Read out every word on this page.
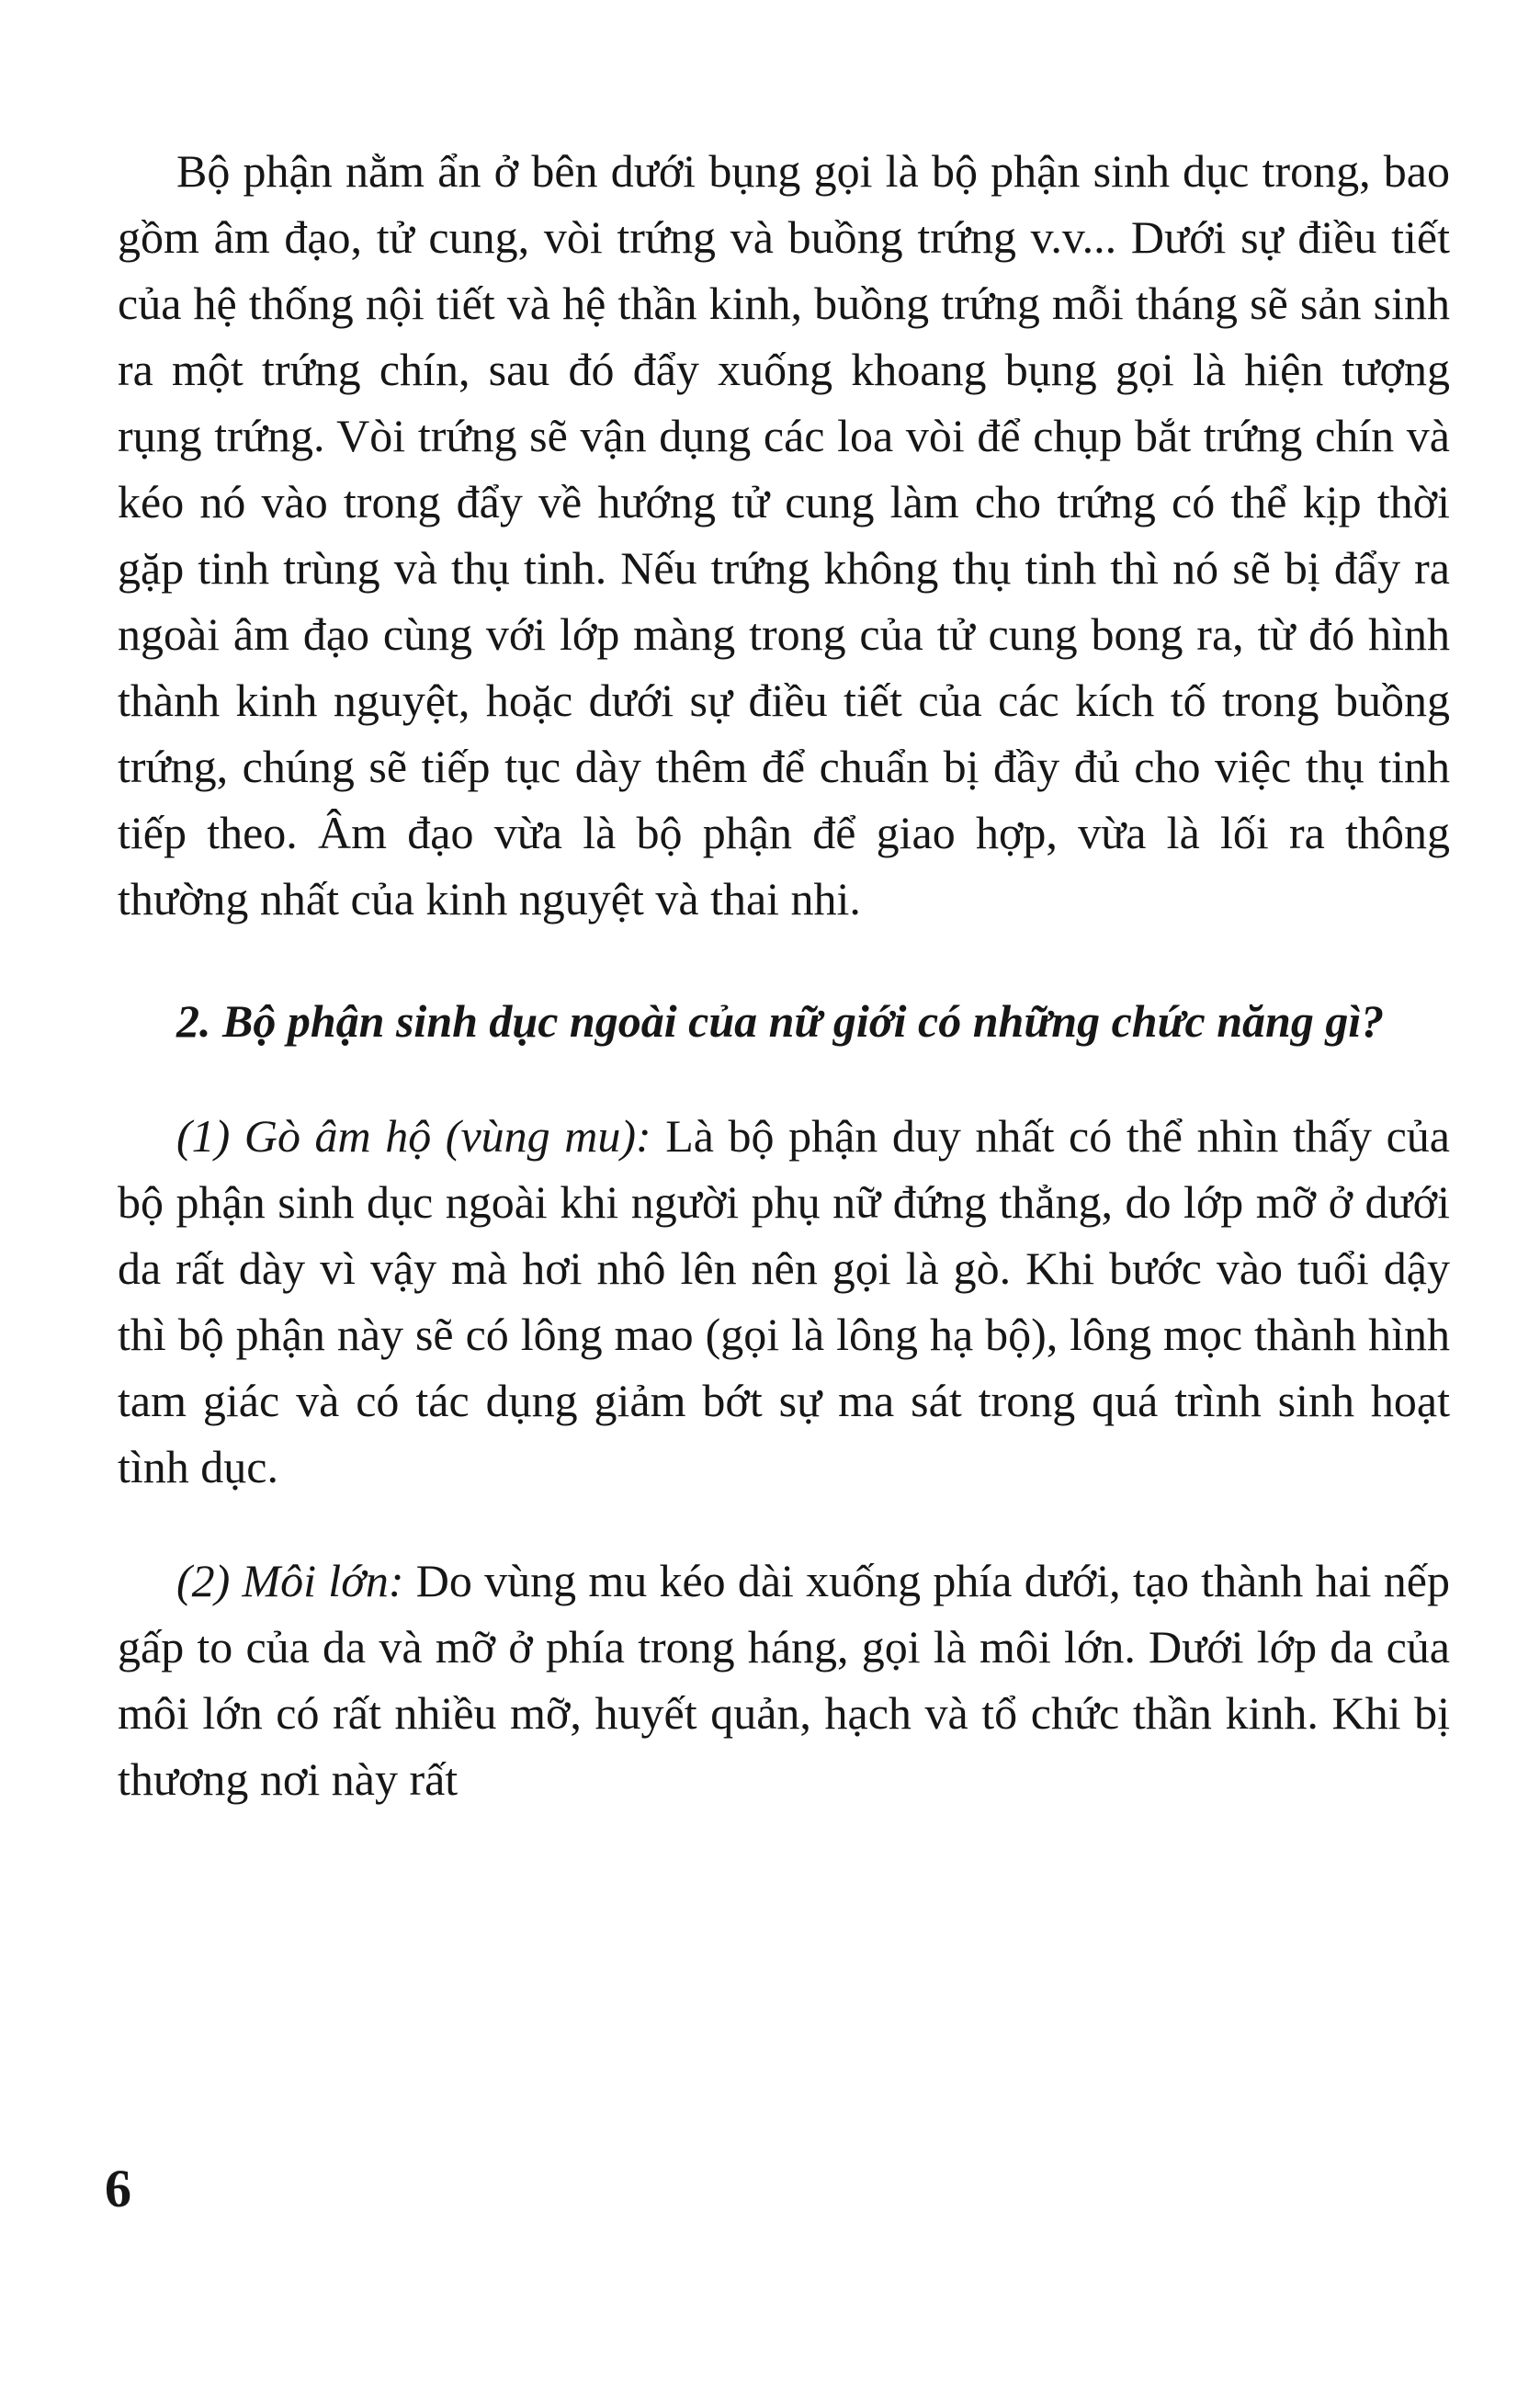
Bộ phận nằm ẩn ở bên dưới bụng gọi là bộ phận sinh dục trong, bao gồm âm đạo, tử cung, vòi trứng và buồng trứng v.v... Dưới sự điều tiết của hệ thống nội tiết và hệ thần kinh, buồng trứng mỗi tháng sẽ sản sinh ra một trứng chín, sau đó đẩy xuống khoang bụng gọi là hiện tượng rụng trứng. Vòi trứng sẽ vận dụng các loa vòi để chụp bắt trứng chín và kéo nó vào trong đẩy về hướng tử cung làm cho trứng có thể kịp thời gặp tinh trùng và thụ tinh. Nếu trứng không thụ tinh thì nó sẽ bị đẩy ra ngoài âm đạo cùng với lớp màng trong của tử cung bong ra, từ đó hình thành kinh nguyệt, hoặc dưới sự điều tiết của các kích tố trong buồng trứng, chúng sẽ tiếp tục dày thêm để chuẩn bị đầy đủ cho việc thụ tinh tiếp theo. Âm đạo vừa là bộ phận để giao hợp, vừa là lối ra thông thường nhất của kinh nguyệt và thai nhi.

2. Bộ phận sinh dục ngoài của nữ giới có những chức năng gì?

(1) Gò âm hộ (vùng mu): Là bộ phận duy nhất có thể nhìn thấy của bộ phận sinh dục ngoài khi người phụ nữ đứng thẳng, do lớp mỡ ở dưới da rất dày vì vậy mà hơi nhô lên nên gọi là gò. Khi bước vào tuổi dậy thì bộ phận này sẽ có lông mao (gọi là lông hạ bộ), lông mọc thành hình tam giác và có tác dụng giảm bớt sự ma sát trong quá trình sinh hoạt tình dục.

(2) Môi lớn: Do vùng mu kéo dài xuống phía dưới, tạo thành hai nếp gấp to của da và mỡ ở phía trong háng, gọi là môi lớn. Dưới lớp da của môi lớn có rất nhiều mỡ, huyết quản, hạch và tổ chức thần kinh. Khi bị thương nơi này rất

6
